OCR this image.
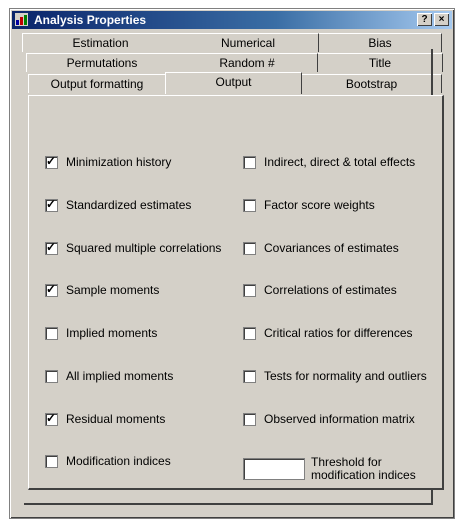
Analysis Properties	?	×
Estimation	Numerical	Bias
Permutations	Random #	Title
Output formatting	Output	Bootstrap
✓
Minimization history
✓
Standardized estimates
✓
Squared multiple correlations
✓
Sample moments
Implied moments
All implied moments
✓
Residual moments
Modification indices
Indirect, direct & total effects
Factor score weights
Covariances of estimates
Correlations of estimates
Critical ratios for differences
Tests for normality and outliers
Observed information matrix
Threshold for
modification indices
